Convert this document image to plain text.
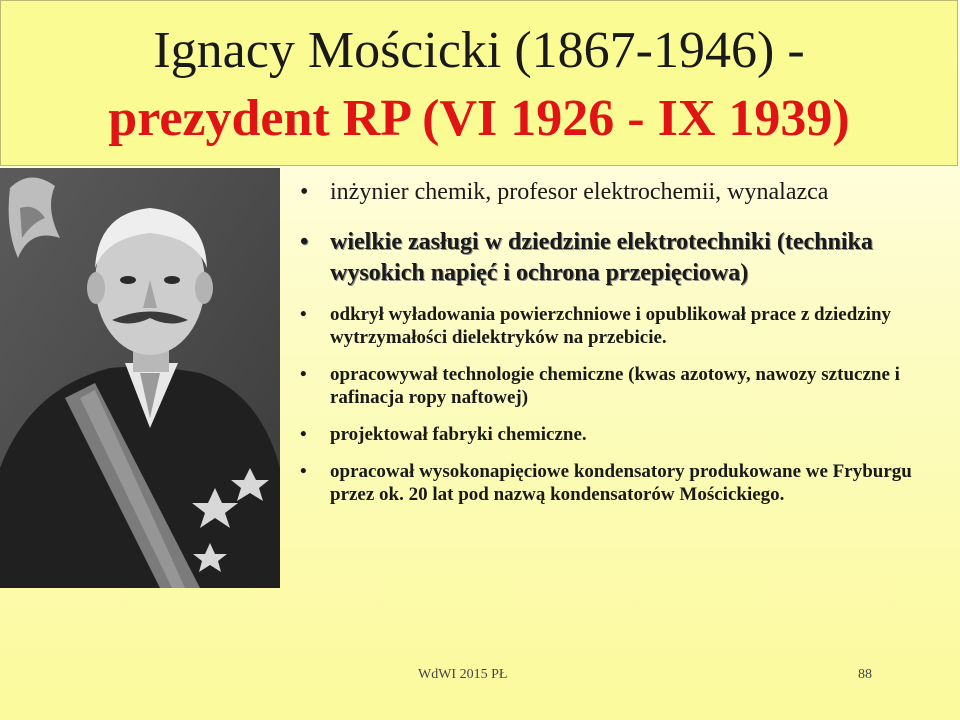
Ignacy Mościcki (1867-1946) -
prezydent RP (VI 1926 - IX 1939)
• inżynier chemik, profesor elektrochemii, wynalazca
• wielkie zasługi w dziedzinie elektrotechniki (technika wysokich napięć i ochrona przepięciowa)
• odkrył wyładowania powierzchniowe i opublikował prace z dziedziny wytrzymałości dielektryków na przebicie.
• opracowywał technologie chemiczne (kwas azotowy, nawozy sztuczne i rafinacja ropy naftowej)
• projektował fabryki chemiczne.
• opracował wysokonapięciowe kondensatory produkowane we Fryburgu przez ok. 20 lat pod nazwą kondensatorów Mościckiego.
WdWI 2015 PŁ	88
